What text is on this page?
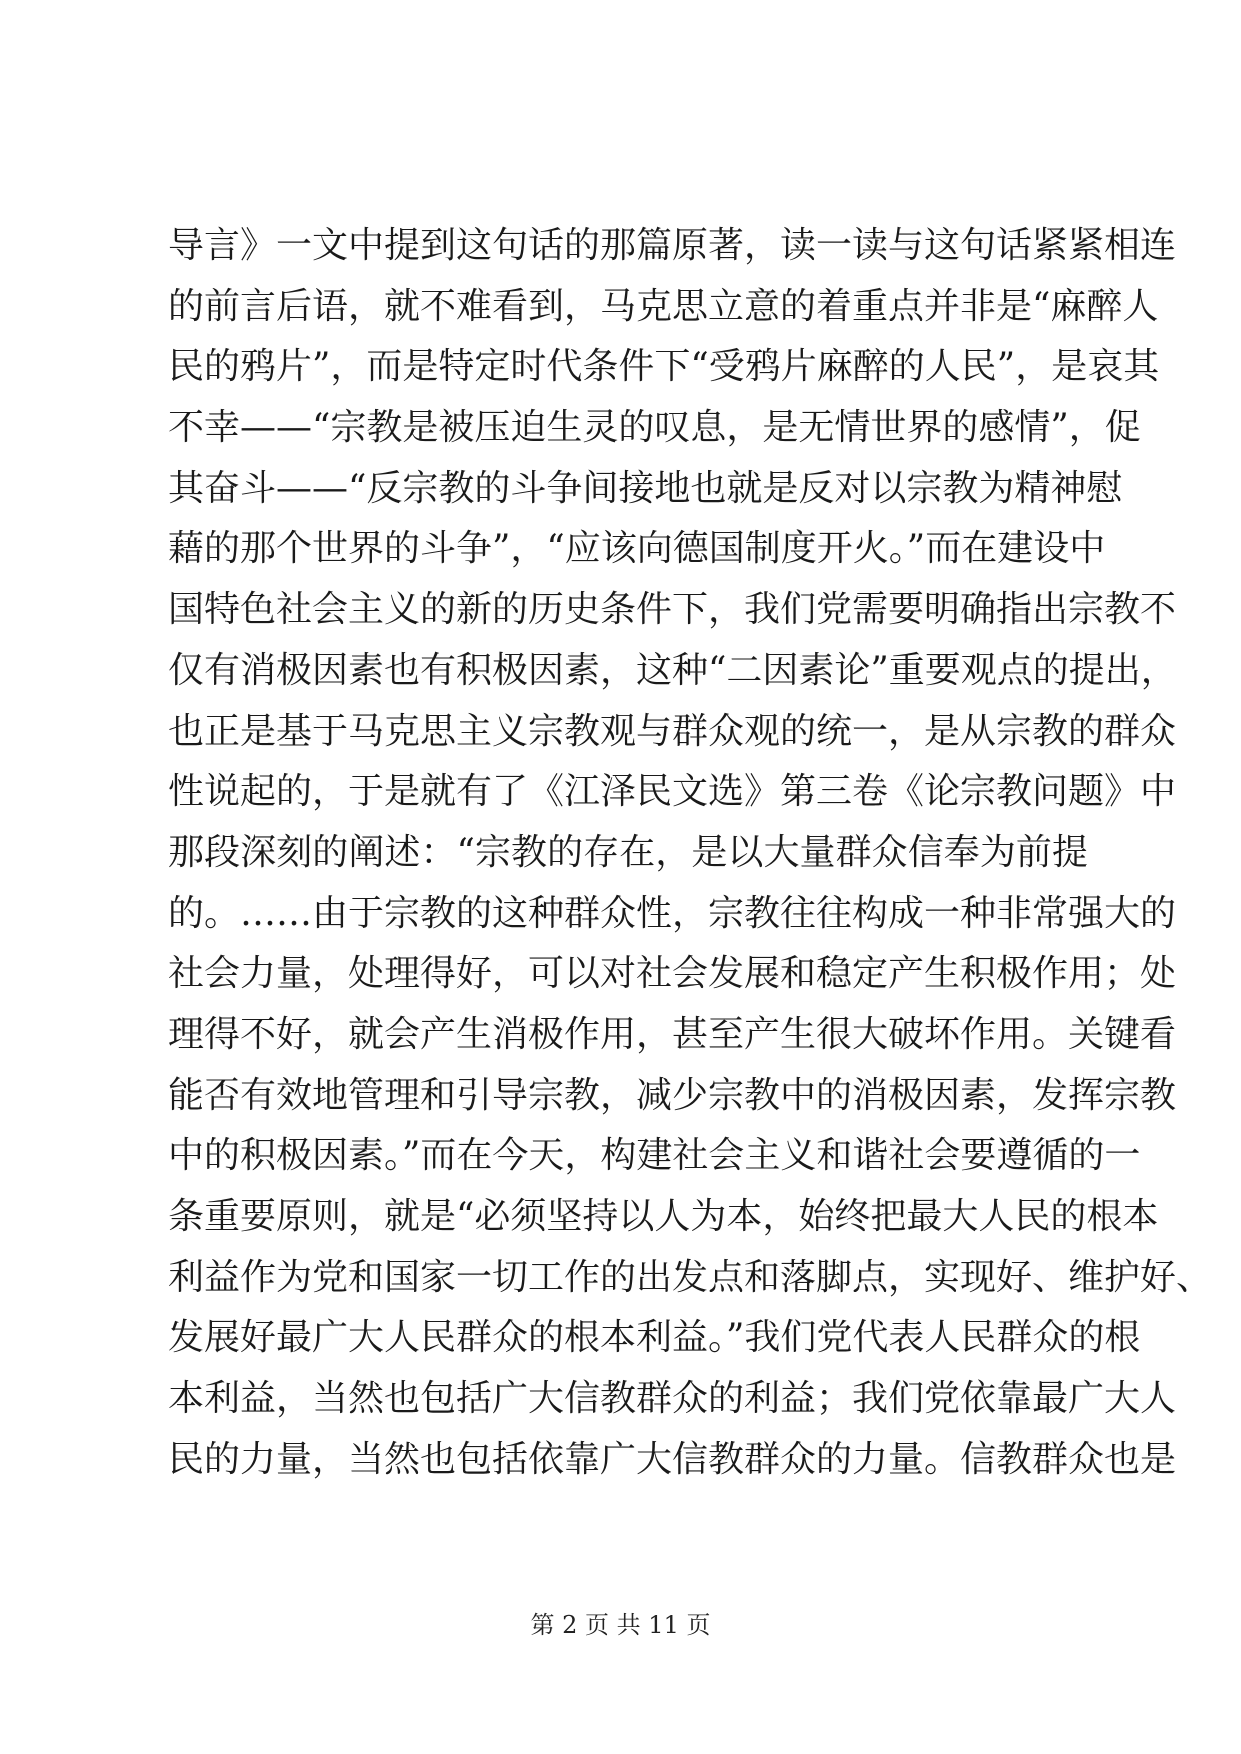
导言》一文中提到这句话的那篇原著，读一读与这句话紧紧相连
的前言后语，就不难看到，马克思立意的着重点并非是“麻醉人
民的鸦片”，而是特定时代条件下“受鸦片麻醉的人民”，是哀其
不幸——“宗教是被压迫生灵的叹息，是无情世界的感情”，促
其奋斗——“反宗教的斗争间接地也就是反对以宗教为精神慰
藉的那个世界的斗争”，“应该向德国制度开火。”而在建设中
国特色社会主义的新的历史条件下，我们党需要明确指出宗教不
仅有消极因素也有积极因素，这种“二因素论”重要观点的提出，
也正是基于马克思主义宗教观与群众观的统一，是从宗教的群众
性说起的，于是就有了《江泽民文选》第三卷《论宗教问题》中
那段深刻的阐述：“宗教的存在，是以大量群众信奉为前提
的。……由于宗教的这种群众性，宗教往往构成一种非常强大的
社会力量，处理得好，可以对社会发展和稳定产生积极作用；处
理得不好，就会产生消极作用，甚至产生很大破坏作用。关键看
能否有效地管理和引导宗教，减少宗教中的消极因素，发挥宗教
中的积极因素。”而在今天，构建社会主义和谐社会要遵循的一
条重要原则，就是“必须坚持以人为本，始终把最大人民的根本
利益作为党和国家一切工作的出发点和落脚点，实现好、维护好、
发展好最广大人民群众的根本利益。”我们党代表人民群众的根
本利益，当然也包括广大信教群众的利益；我们党依靠最广大人
民的力量，当然也包括依靠广大信教群众的力量。信教群众也是
第 2 页 共 11 页
